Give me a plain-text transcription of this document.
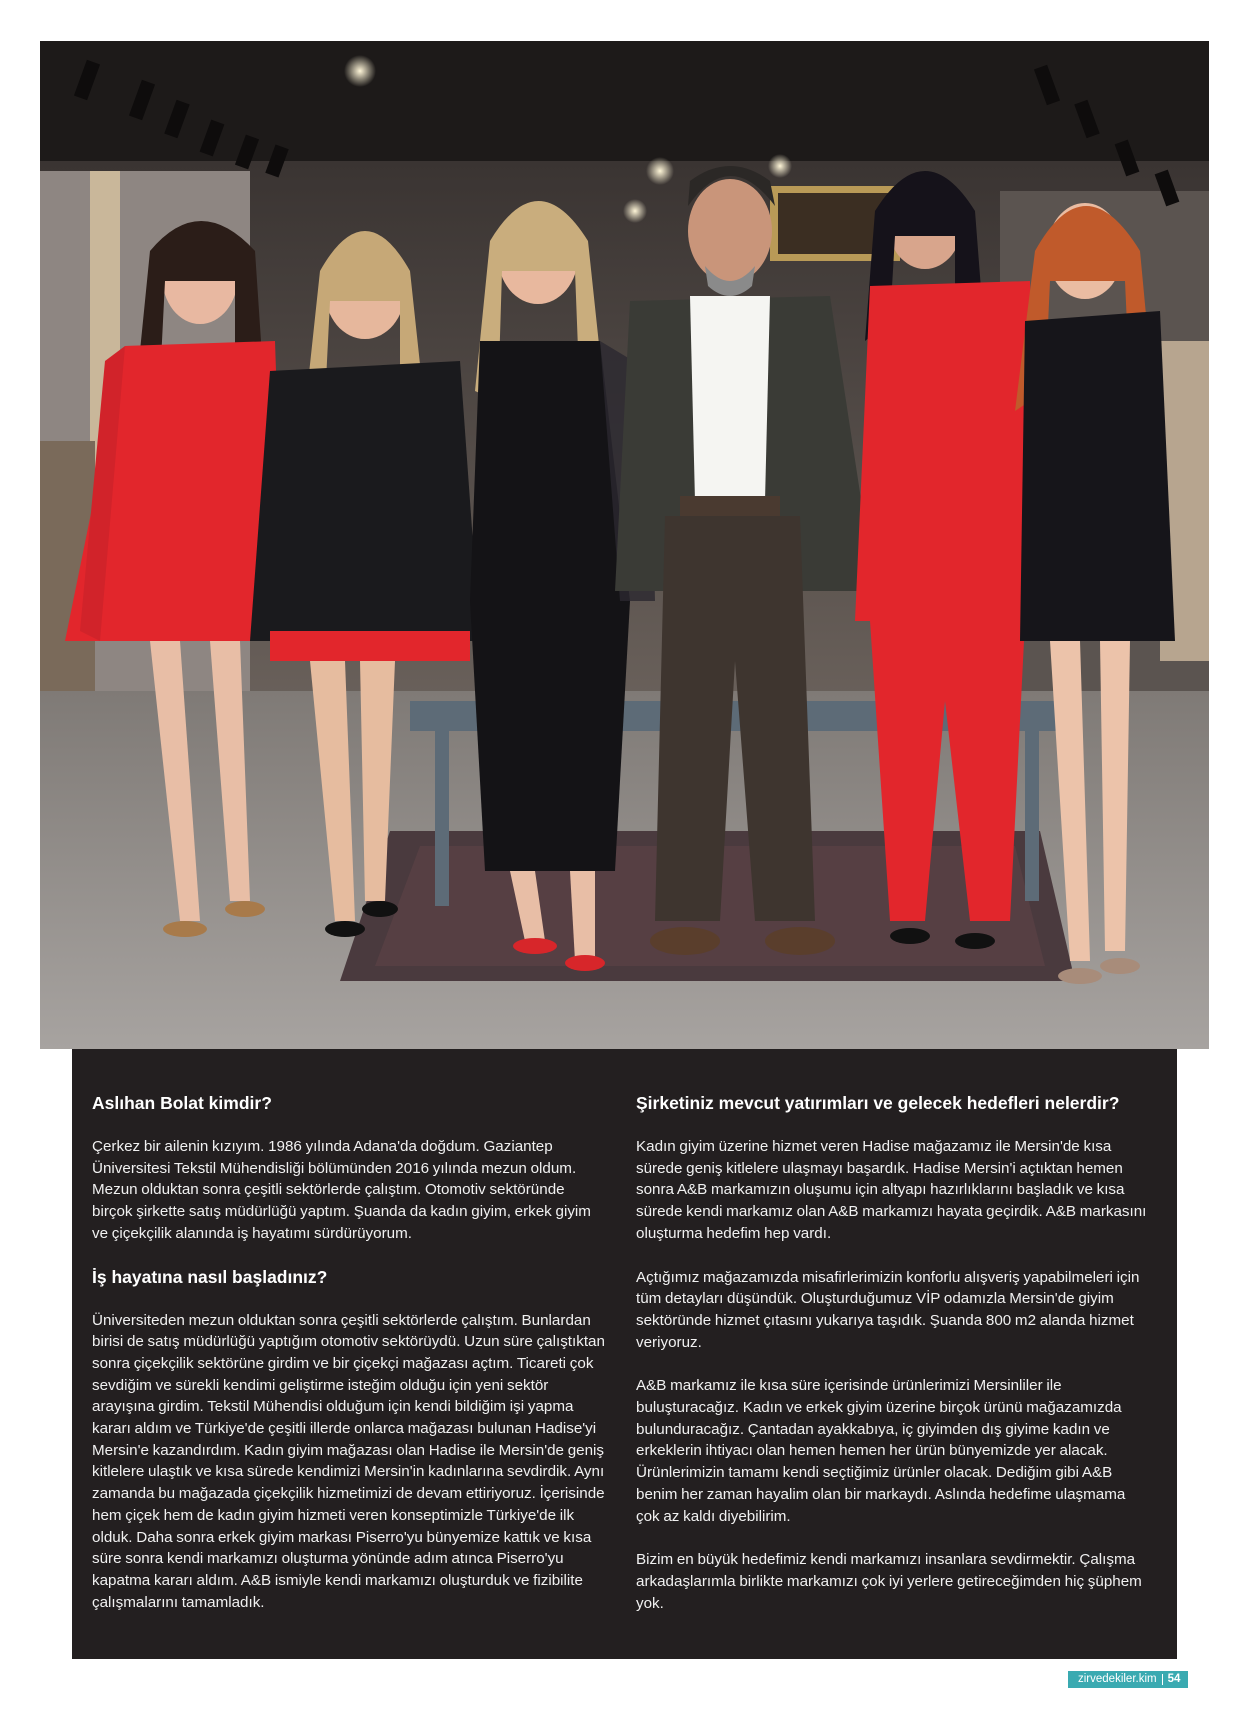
Aslıhan Bolat kimdir?
Çerkez bir ailenin kızıyım. 1986 yılında Adana'da doğdum. Gaziantep Üniversitesi Tekstil Mühendisliği bölümünden 2016 yılında mezun oldum. Mezun olduktan sonra çeşitli sektörlerde çalıştım. Otomotiv sektöründe birçok şirkette satış müdürlüğü yaptım. Şuanda da kadın giyim, erkek giyim ve çiçekçilik alanında iş hayatımı sürdürüyorum.
İş hayatına nasıl başladınız?
Üniversiteden mezun olduktan sonra çeşitli sektörlerde çalıştım. Bunlardan birisi de satış müdürlüğü yaptığım otomotiv sektörüydü. Uzun süre çalıştıktan sonra çiçekçilik sektörüne girdim ve bir çiçekçi mağazası açtım. Ticareti çok sevdiğim ve sürekli kendimi geliştirme isteğim olduğu için yeni sektör arayışına girdim. Tekstil Mühendisi olduğum için kendi bildiğim işi yapma kararı aldım ve Türkiye'de çeşitli illerde onlarca mağazası bulunan Hadise'yi Mersin'e kazandırdım. Kadın giyim mağazası olan Hadise ile Mersin'de geniş kitlelere ulaştık ve kısa sürede kendimizi Mersin'in kadınlarına sevdirdik. Aynı zamanda bu mağazada çiçekçilik hizmetimizi de devam ettiriyoruz. İçerisinde hem çiçek hem de kadın giyim hizmeti veren konseptimizle Türkiye'de ilk olduk. Daha sonra erkek giyim markası Piserro'yu bünyemize kattık ve kısa süre sonra kendi markamızı oluşturma yönünde adım atınca Piserro'yu kapatma kararı aldım. A&B ismiyle kendi markamızı oluşturduk ve fizibilite çalışmalarını tamamladık.
Şirketiniz mevcut yatırımları ve gelecek hedefleri nelerdir?
Kadın giyim üzerine hizmet veren Hadise mağazamız ile Mersin'de kısa sürede geniş kitlelere ulaşmayı başardık. Hadise Mersin'i açtıktan hemen sonra A&B markamızın oluşumu için altyapı hazırlıklarını başladık ve kısa sürede kendi markamız olan A&B markamızı hayata geçirdik. A&B markasını oluşturma hedefim hep vardı.
Açtığımız mağazamızda misafirlerimizin konforlu alışveriş yapabilmeleri için tüm detayları düşündük. Oluşturduğumuz VİP odamızla Mersin'de giyim sektöründe hizmet çıtasını yukarıya taşıdık. Şuanda 800 m2 alanda hizmet veriyoruz.
A&B markamız ile kısa süre içerisinde ürünlerimizi Mersinliler ile buluşturacağız. Kadın ve erkek giyim üzerine birçok ürünü mağazamızda bulunduracağız. Çantadan ayakkabıya, iç giyimden dış giyime kadın ve erkeklerin ihtiyacı olan hemen hemen her ürün bünyemizde yer alacak. Ürünlerimizin tamamı kendi seçtiğimiz ürünler olacak. Dediğim gibi A&B benim her zaman hayalim olan bir markaydı. Aslında hedefime ulaşmama çok az kaldı diyebilirim.
Bizim en büyük hedefimiz kendi markamızı insanlara sevdirmektir. Çalışma arkadaşlarımla birlikte markamızı çok iyi yerlere getireceğimden hiç şüphem yok.
zirvedekiler.kim 54
